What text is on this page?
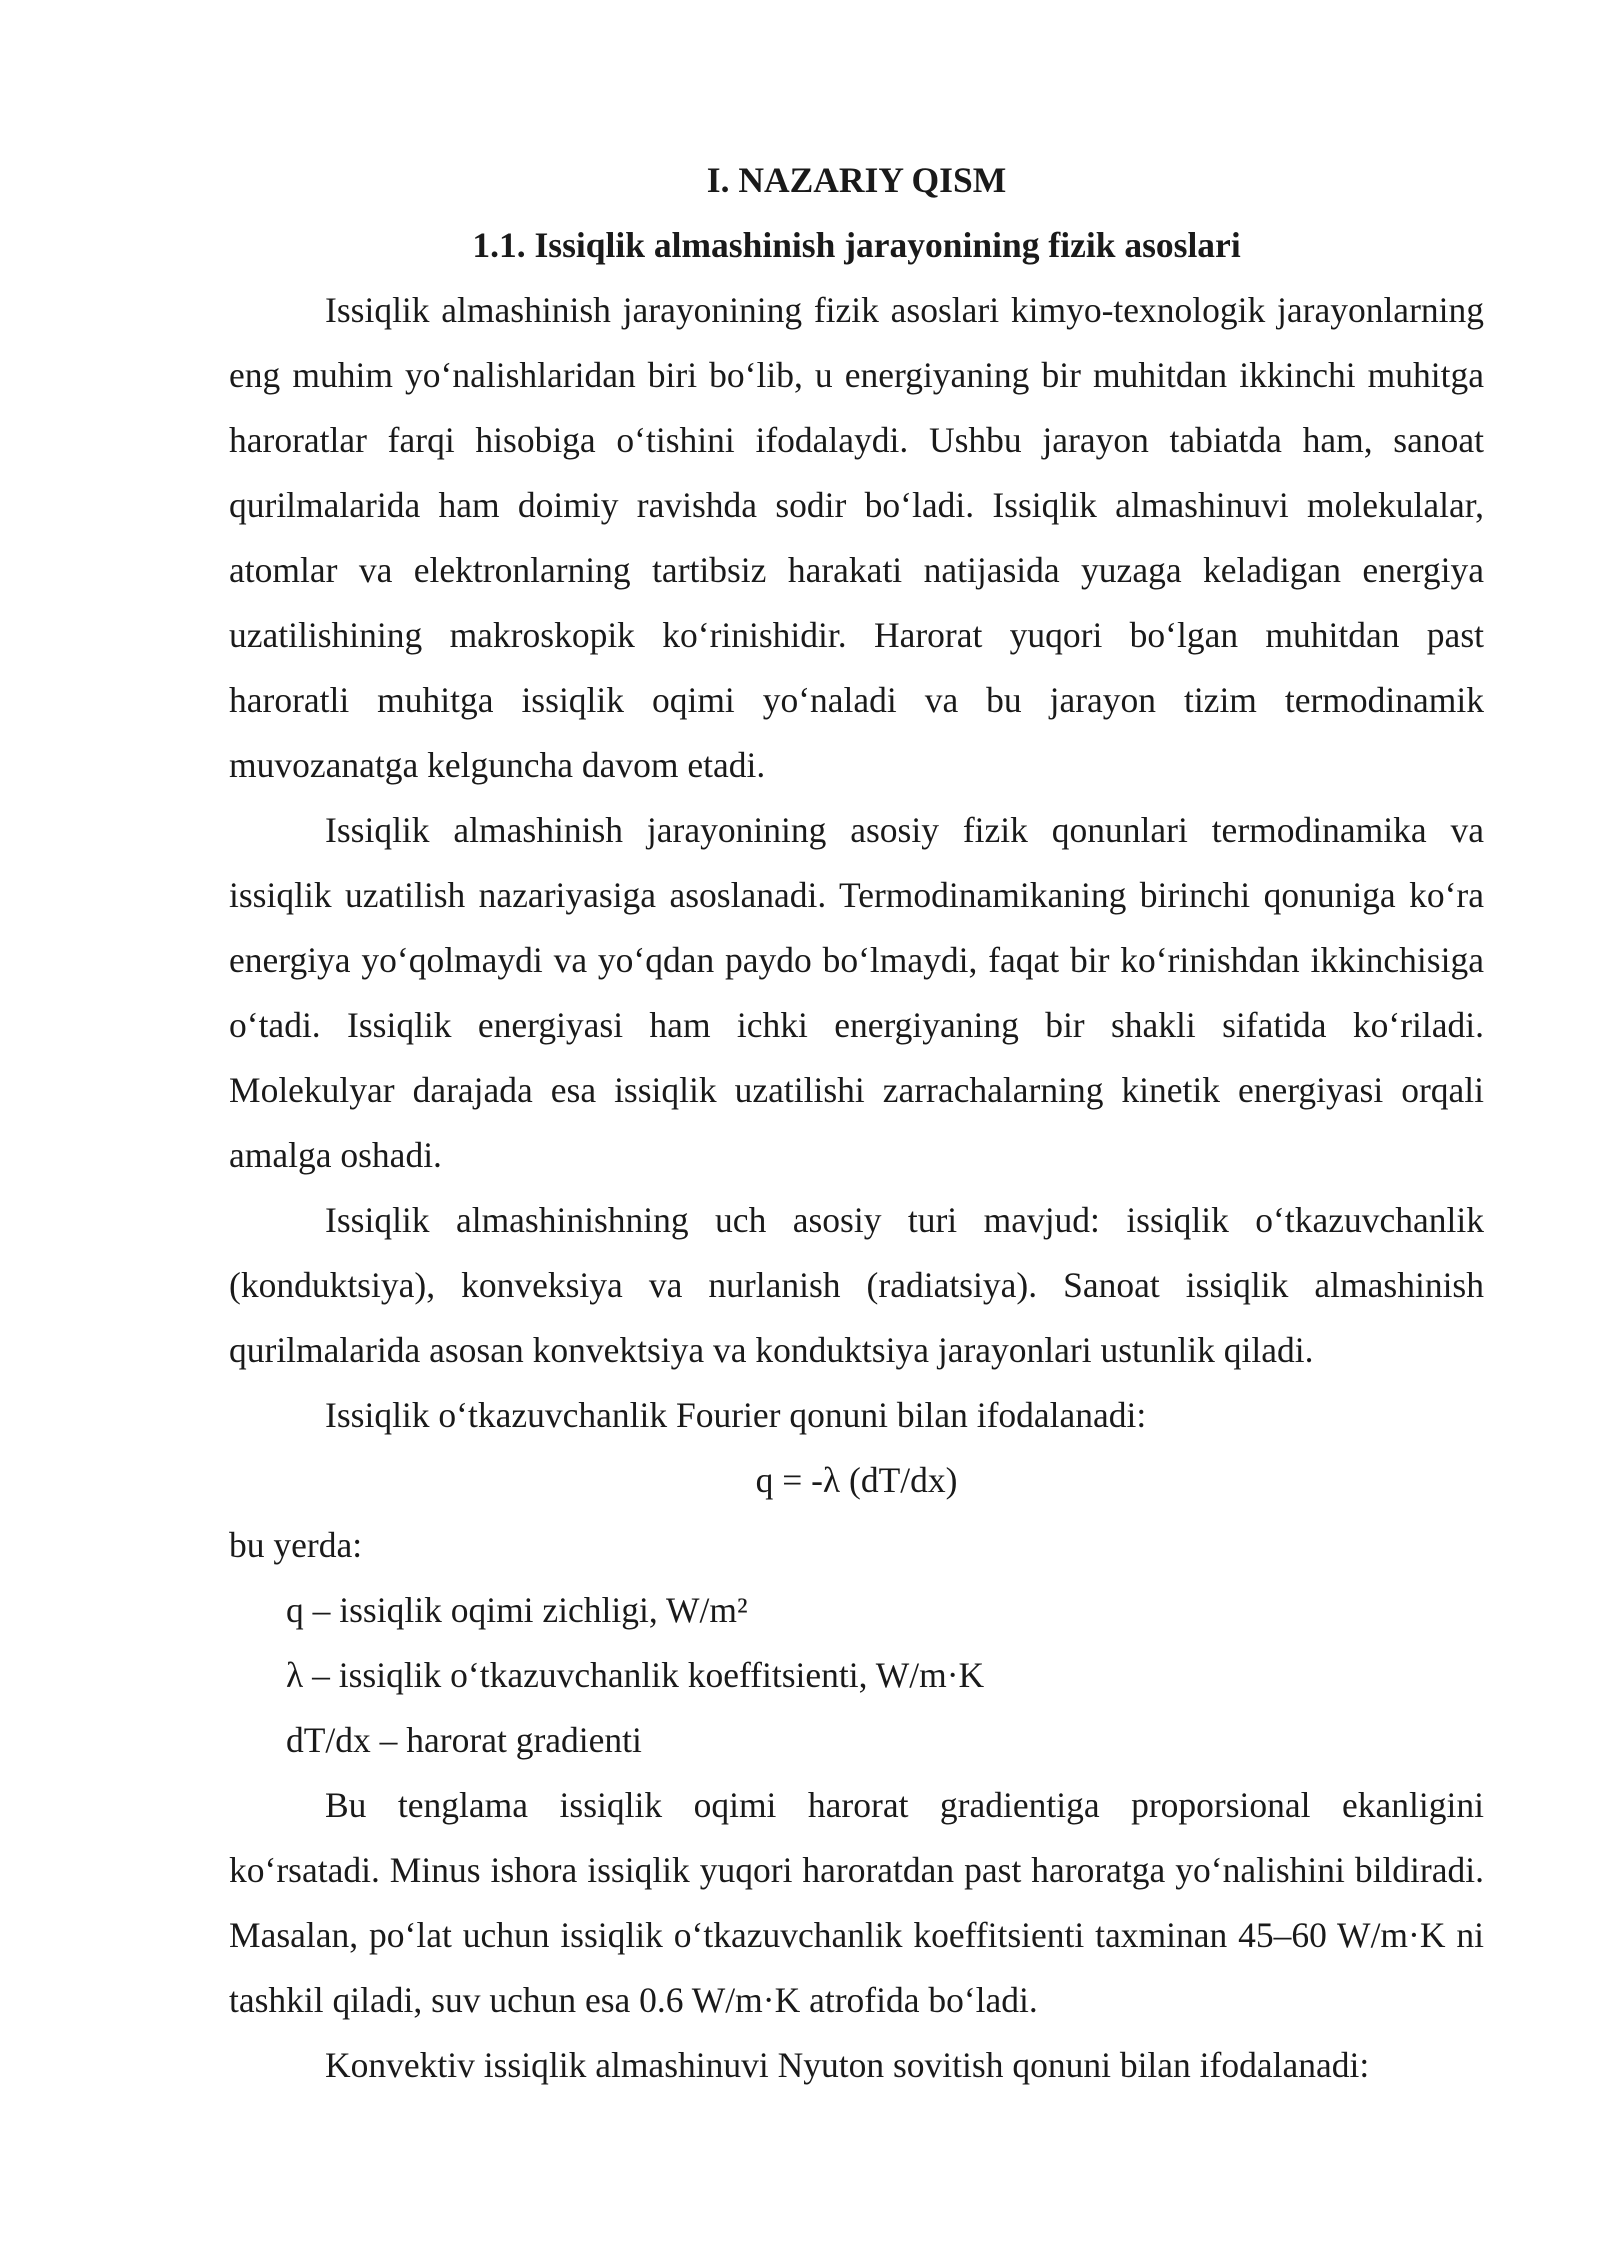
I. NAZARIY QISM

1.1. Issiqlik almashinish jarayonining fizik asoslari

Issiqlik almashinish jarayonining fizik asoslari kimyo-texnologik jarayonlarning eng muhim yo‘nalishlaridan biri bo‘lib, u energiyaning bir muhitdan ikkinchi muhitga haroratlar farqi hisobiga o‘tishini ifodalaydi. Ushbu jarayon tabiatda ham, sanoat qurilmalarida ham doimiy ravishda sodir bo‘ladi. Issiqlik almashinuvi molekulalar, atomlar va elektronlarning tartibsiz harakati natijasida yuzaga keladigan energiya uzatilishining makroskopik ko‘rinishidir. Harorat yuqori bo‘lgan muhitdan past haroratli muhitga issiqlik oqimi yo‘naladi va bu jarayon tizim termodinamik muvozanatga kelguncha davom etadi.

Issiqlik almashinish jarayonining asosiy fizik qonunlari termodinamika va issiqlik uzatilish nazariyasiga asoslanadi. Termodinamikaning birinchi qonuniga ko‘ra energiya yo‘qolmaydi va yo‘qdan paydo bo‘lmaydi, faqat bir ko‘rinishdan ikkinchisiga o‘tadi. Issiqlik energiyasi ham ichki energiyaning bir shakli sifatida ko‘riladi. Molekulyar darajada esa issiqlik uzatilishi zarrachalarning kinetik energiyasi orqali amalga oshadi.

Issiqlik almashinishning uch asosiy turi mavjud: issiqlik o‘tkazuvchanlik (konduktsiya), konveksiya va nurlanish (radiatsiya). Sanoat issiqlik almashinish qurilmalarida asosan konvektsiya va konduktsiya jarayonlari ustunlik qiladi.

Issiqlik o‘tkazuvchanlik Fourier qonuni bilan ifodalanadi:

q = -λ (dT/dx)

bu yerda:

q – issiqlik oqimi zichligi, W/m²

λ – issiqlik o‘tkazuvchanlik koeffitsienti, W/m·K

dT/dx – harorat gradienti

Bu tenglama issiqlik oqimi harorat gradientiga proporsional ekanligini ko‘rsatadi. Minus ishora issiqlik yuqori haroratdan past haroratga yo‘nalishini bildiradi. Masalan, po‘lat uchun issiqlik o‘tkazuvchanlik koeffitsienti taxminan 45–60 W/m·K ni tashkil qiladi, suv uchun esa 0.6 W/m·K atrofida bo‘ladi.

Konvektiv issiqlik almashinuvi Nyuton sovitish qonuni bilan ifodalanadi:
